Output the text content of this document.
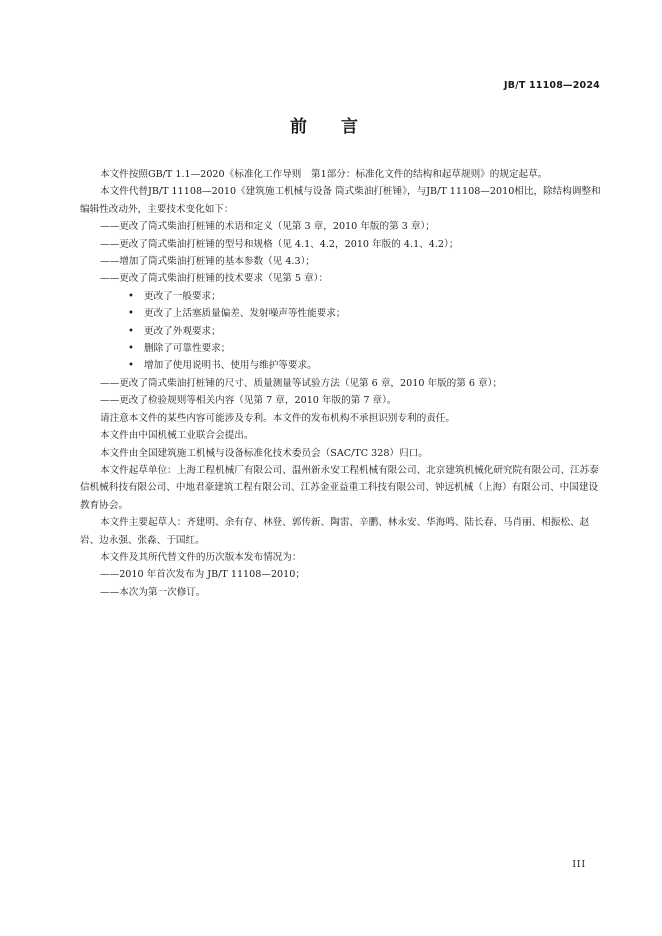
JB/T 11108—2024
前 言

本文件按照GB/T 1.1—2020《标准化工作导则　第1部分：标准化文件的结构和起草规则》的规定起草。

本文件代替JB/T 11108—2010《建筑施工机械与设备 筒式柴油打桩锤》，与JB/T 11108—2010相比，除结构调整和编辑性改动外，主要技术变化如下：

——更改了筒式柴油打桩锤的术语和定义（见第 3 章，2010 年版的第 3 章）；

——更改了筒式柴油打桩锤的型号和规格（见 4.1、4.2，2010 年版的 4.1、4.2）；

——增加了筒式柴油打桩锤的基本参数（见 4.3）；

——更改了筒式柴油打桩锤的技术要求（见第 5 章）：

• 更改了一般要求；
• 更改了上活塞质量偏差、发射噪声等性能要求；
• 更改了外观要求；
• 删除了可靠性要求；
• 增加了使用说明书、使用与维护等要求。

——更改了筒式柴油打桩锤的尺寸、质量测量等试验方法（见第 6 章，2010 年版的第 6 章）；

——更改了检验规则等相关内容（见第 7 章，2010 年版的第 7 章）。

请注意本文件的某些内容可能涉及专利。本文件的发布机构不承担识别专利的责任。

本文件由中国机械工业联合会提出。

本文件由全国建筑施工机械与设备标准化技术委员会（SAC/TC 328）归口。

本文件起草单位：上海工程机械厂有限公司、温州新永安工程机械有限公司、北京建筑机械化研究院有限公司、江苏泰信机械科技有限公司、中地君豪建筑工程有限公司、江苏金亚益重工科技有限公司、钟远机械（上海）有限公司、中国建设教育协会。

本文件主要起草人：齐建明、余有存、林登、郭传新、陶雷、辛鹏、林永安、华海鸣、陆长春、马肖丽、相振松、赵岩、边永强、张淼、于国红。

本文件及其所代替文件的历次版本发布情况为：

——2010 年首次发布为 JB/T 11108—2010；

——本次为第一次修订。

III
